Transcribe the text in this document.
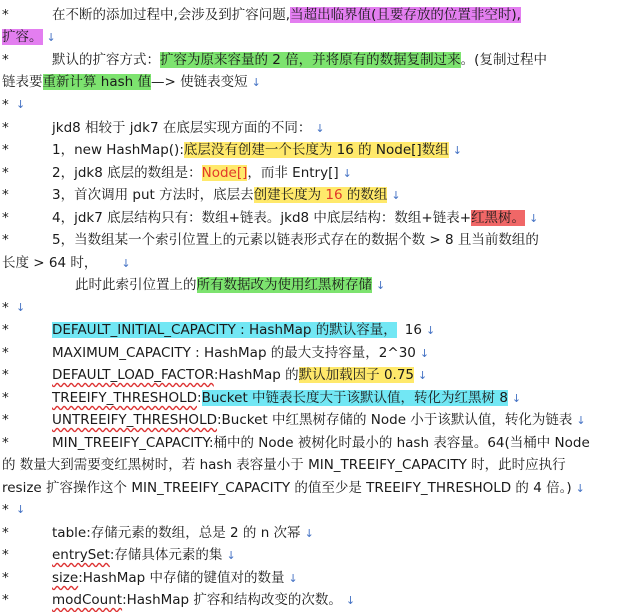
*	在不断的添加过程中,会涉及到扩容问题,当超出临界值(且要存放的位置非空时),
扩容。 ↓
*	默认的扩容方式：扩容为原来容量的 2 倍，并将原有的数据复制过来。(复制过程中
链表要重新计算 hash 值—> 使链表变短 ↓
* ↓
*	jkd8 相较于 jdk7 在底层实现方面的不同： ↓
*	1，new HashMap():底层没有创建一个长度为 16 的 Node[]数组 ↓
*	2，jdk8 底层的数组是：Node[]，而非 Entry[] ↓
*	3，首次调用 put 方法时，底层去创建长度为 16 的数组 ↓
*	4，jdk7 底层结构只有：数组+链表。jkd8 中底层结构：数组+链表+红黑树。 ↓
*	5，当数组某一个索引位置上的元素以链表形式存在的数据个数 > 8 且当前数组的
长度 > 64 时， ↓
此时此索引位置上的所有数据改为使用红黑树存储 ↓
* ↓
*	DEFAULT_INITIAL_CAPACITY : HashMap 的默认容量， 16 ↓
*	MAXIMUM_CAPACITY : HashMap 的最大支持容量，2^30 ↓
*	DEFAULT_LOAD_FACTOR:HashMap 的默认加载因子 0.75 ↓
*	TREEIFY_THRESHOLD:Bucket 中链表长度大于该默认值，转化为红黑树 8 ↓
*	UNTREEIFY_THRESHOLD:Bucket 中红黑树存储的 Node 小于该默认值，转化为链表 ↓
*	MIN_TREEIFY_CAPACITY:桶中的 Node 被树化时最小的 hash 表容量。64(当桶中 Node
的 数量大到需要变红黑树时，若 hash 表容量小于 MIN_TREEIFY_CAPACITY 时，此时应执行
resize 扩容操作这个 MIN_TREEIFY_CAPACITY 的值至少是 TREEIFY_THRESHOLD 的 4 倍。) ↓
* ↓
*	table:存储元素的数组，总是 2 的 n 次幂 ↓
*	entrySet:存储具体元素的集 ↓
*	size:HashMap 中存储的键值对的数量 ↓
*	modCount:HashMap 扩容和结构改变的次数。 ↓
